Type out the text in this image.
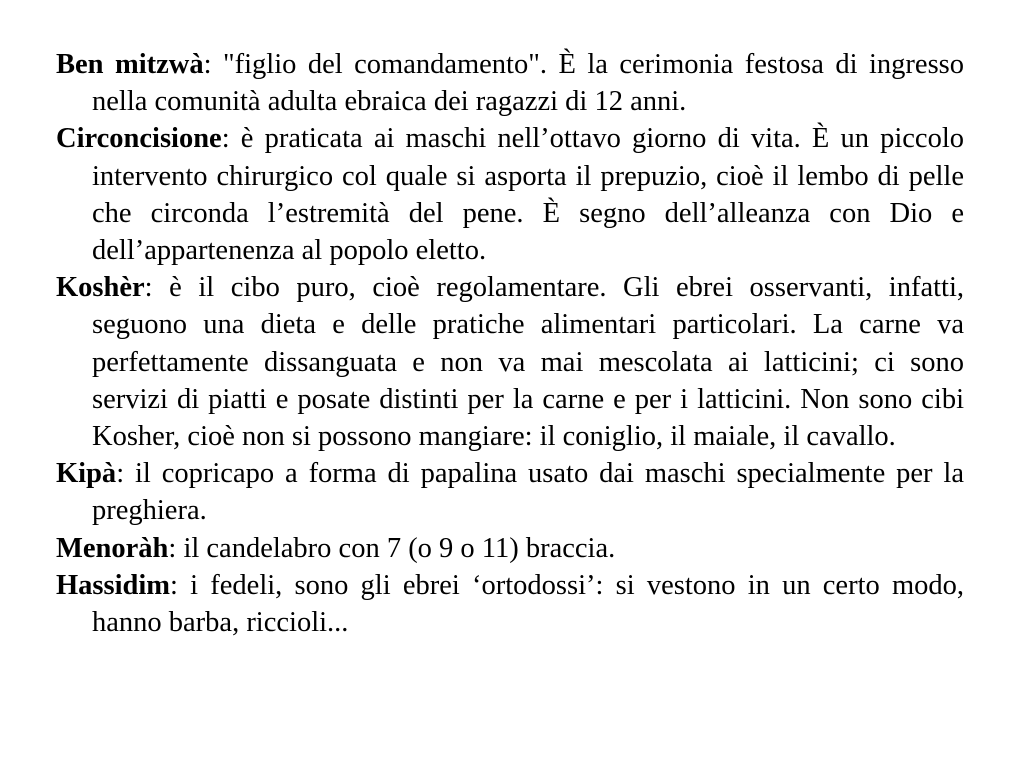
Ben mitzwà: "figlio del comandamento". È la cerimonia festosa di ingresso nella comunità adulta ebraica dei ragazzi di 12 anni.

Circoncisione: è praticata ai maschi nell’ottavo giorno di vita. È un piccolo intervento chirurgico col quale si asporta il prepuzio, cioè il lembo di pelle che circonda l’estremità del pene. È segno dell’alleanza con Dio e dell’appartenenza al popolo eletto.

Koshèr: è il cibo puro, cioè regolamentare. Gli ebrei osservanti, infatti, seguono una dieta e delle pratiche alimentari particolari. La carne va perfettamente dissanguata e non va mai mescolata ai latticini; ci sono servizi di piatti e posate distinti per la carne e per i latticini. Non sono cibi Kosher, cioè non si possono mangiare: il coniglio, il maiale, il cavallo.

Kipà: il copricapo a forma di papalina usato dai maschi specialmente per la preghiera.

Menoràh: il candelabro con 7 (o 9 o 11) braccia.

Hassidim: i fedeli, sono gli ebrei ‘ortodossi’: si vestono in un certo modo, hanno barba, riccioli...
